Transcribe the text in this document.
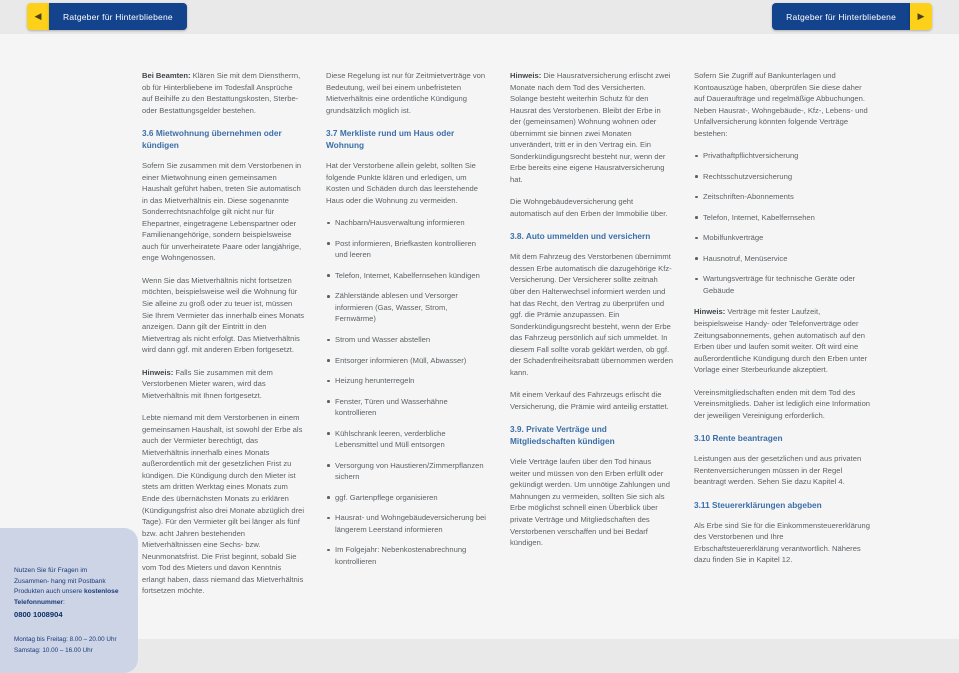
◀	Ratgeber für Hinterbliebene	Ratgeber für Hinterbliebene	▶

Bei Beamten: Klären Sie mit dem Dienstherrn, ob für Hinterbliebene im Todesfall Ansprüche auf Beihilfe zu den Bestattungskosten, Sterbe- oder Bestattungsgelder bestehen.

3.6 Mietwohnung übernehmen oder kündigen

Sofern Sie zusammen mit dem Verstorbenen in einer Mietwohnung einen gemeinsamen Haushalt geführt haben, treten Sie automatisch in das Mietverhältnis ein. Diese sogenannte Sonderrechtsnachfolge gilt nicht nur für Ehepartner, eingetragene Lebenspartner oder Familienangehörige, sondern beispielsweise auch für unverheiratete Paare oder langjährige, enge Wohngenossen.

Wenn Sie das Mietverhältnis nicht fortsetzen möchten, beispielsweise weil die Wohnung für Sie alleine zu groß oder zu teuer ist, müssen Sie Ihrem Vermieter das innerhalb eines Monats anzeigen. Dann gilt der Eintritt in den Mietvertrag als nicht erfolgt. Das Mietverhältnis wird dann ggf. mit anderen Erben fortgesetzt.

Hinweis: Falls Sie zusammen mit dem Verstorbenen Mieter waren, wird das Mietverhältnis mit Ihnen fortgesetzt.

Lebte niemand mit dem Verstorbenen in einem gemeinsamen Haushalt, ist sowohl der Erbe als auch der Vermieter berechtigt, das Mietverhältnis innerhalb eines Monats außerordentlich mit der gesetzlichen Frist zu kündigen. Die Kündigung durch den Mieter ist stets am dritten Werktag eines Monats zum Ende des übernächsten Monats zu erklären (Kündigungsfrist also drei Monate abzüglich drei Tage). Für den Vermieter gilt bei länger als fünf bzw. acht Jahren bestehenden Mietverhältnissen eine Sechs- bzw. Neunmonatsfrist. Die Frist beginnt, sobald Sie vom Tod des Mieters und davon Kenntnis erlangt haben, dass niemand das Mietverhältnis fortsetzen möchte.

Diese Regelung ist nur für Zeitmietverträge von Bedeutung, weil bei einem unbefristeten Mietverhältnis eine ordentliche Kündigung grundsätzlich möglich ist.

3.7 Merkliste rund um Haus oder Wohnung

Hat der Verstorbene allein gelebt, sollten Sie folgende Punkte klären und erledigen, um Kosten und Schäden durch das leerstehende Haus oder die Wohnung zu vermeiden.

Nachbarn/Hausverwaltung informieren
Post informieren, Briefkasten kontrollieren und leeren
Telefon, Internet, Kabelfernsehen kündigen
Zählerstände ablesen und Versorger informieren (Gas, Wasser, Strom, Fernwärme)
Strom und Wasser abstellen
Entsorger informieren (Müll, Abwasser)
Heizung herunterregeln
Fenster, Türen und Wasserhähne kontrollieren
Kühlschrank leeren, verderbliche Lebensmittel und Müll entsorgen
Versorgung von Haustieren/Zimmerpflanzen sichern
ggf. Gartenpflege organisieren
Hausrat- und Wohngebäudeversicherung bei längerem Leerstand informieren
Im Folgejahr: Nebenkostenabrechnung kontrollieren

Hinweis: Die Hausratversicherung erlischt zwei Monate nach dem Tod des Versicherten. Solange besteht weiterhin Schutz für den Hausrat des Verstorbenen. Bleibt der Erbe in der (gemeinsamen) Wohnung wohnen oder übernimmt sie binnen zwei Monaten unverändert, tritt er in den Vertrag ein. Ein Sonderkündigungsrecht besteht nur, wenn der Erbe bereits eine eigene Hausratversicherung hat.

Die Wohngebäudeversicherung geht automatisch auf den Erben der Immobilie über.

3.8. Auto ummelden und versichern

Mit dem Fahrzeug des Verstorbenen übernimmt dessen Erbe automatisch die dazugehörige Kfz-Versicherung. Der Versicherer sollte zeitnah über den Halterwechsel informiert werden und hat das Recht, den Vertrag zu überprüfen und ggf. die Prämie anzupassen. Ein Sonderkündigungsrecht besteht, wenn der Erbe das Fahrzeug persönlich auf sich ummeldet. In diesem Fall sollte vorab geklärt werden, ob ggf. der Schadenfreiheitsrabatt übernommen werden kann.

Mit einem Verkauf des Fahrzeugs erlischt die Versicherung, die Prämie wird anteilig erstattet.

3.9. Private Verträge und Mitgliedschaften kündigen

Viele Verträge laufen über den Tod hinaus weiter und müssen von den Erben erfüllt oder gekündigt werden. Um unnötige Zahlungen und Mahnungen zu vermeiden, sollten Sie sich als Erbe möglichst schnell einen Überblick über private Verträge und Mitgliedschaften des Verstorbenen verschaffen und bei Bedarf kündigen.

Sofern Sie Zugriff auf Bankunterlagen und Kontoauszüge haben, überprüfen Sie diese daher auf Daueraufträge und regelmäßige Abbuchungen. Neben Hausrat-, Wohngebäude-, Kfz-, Lebens- und Unfallversicherung könnten folgende Verträge bestehen:

Privathaftpflichtversicherung
Rechtsschutzversicherung
Zeitschriften-Abonnements
Telefon, Internet, Kabelfernsehen
Mobilfunkverträge
Hausnotruf, Menüservice
Wartungsverträge für technische Geräte oder Gebäude

Hinweis: Verträge mit fester Laufzeit, beispielsweise Handy- oder Telefonverträge oder Zeitungsabonnements, gehen automatisch auf den Erben über und laufen somit weiter. Oft wird eine außerordentliche Kündigung durch den Erben unter Vorlage einer Sterbeurkunde akzeptiert.

Vereinsmitgliedschaften enden mit dem Tod des Vereinsmitglieds. Daher ist lediglich eine Information der jeweiligen Vereinigung erforderlich.

3.10 Rente beantragen

Leistungen aus der gesetzlichen und aus privaten Rentenversicherungen müssen in der Regel beantragt werden. Sehen Sie dazu Kapitel 4.

3.11 Steuererklärungen abgeben

Als Erbe sind Sie für die Einkommensteuererklärung des Verstorbenen und Ihre Erbschaftsteuererklärung verantwortlich. Näheres dazu finden Sie in Kapitel 12.

Nutzen Sie für Fragen im Zusammen- hang mit Postbank Produkten auch unsere kostenlose Telefonnummer:

0800 1008904

Montag bis Freitag: 8.00 – 20.00 Uhr
Samstag: 10.00 – 16.00 Uhr
